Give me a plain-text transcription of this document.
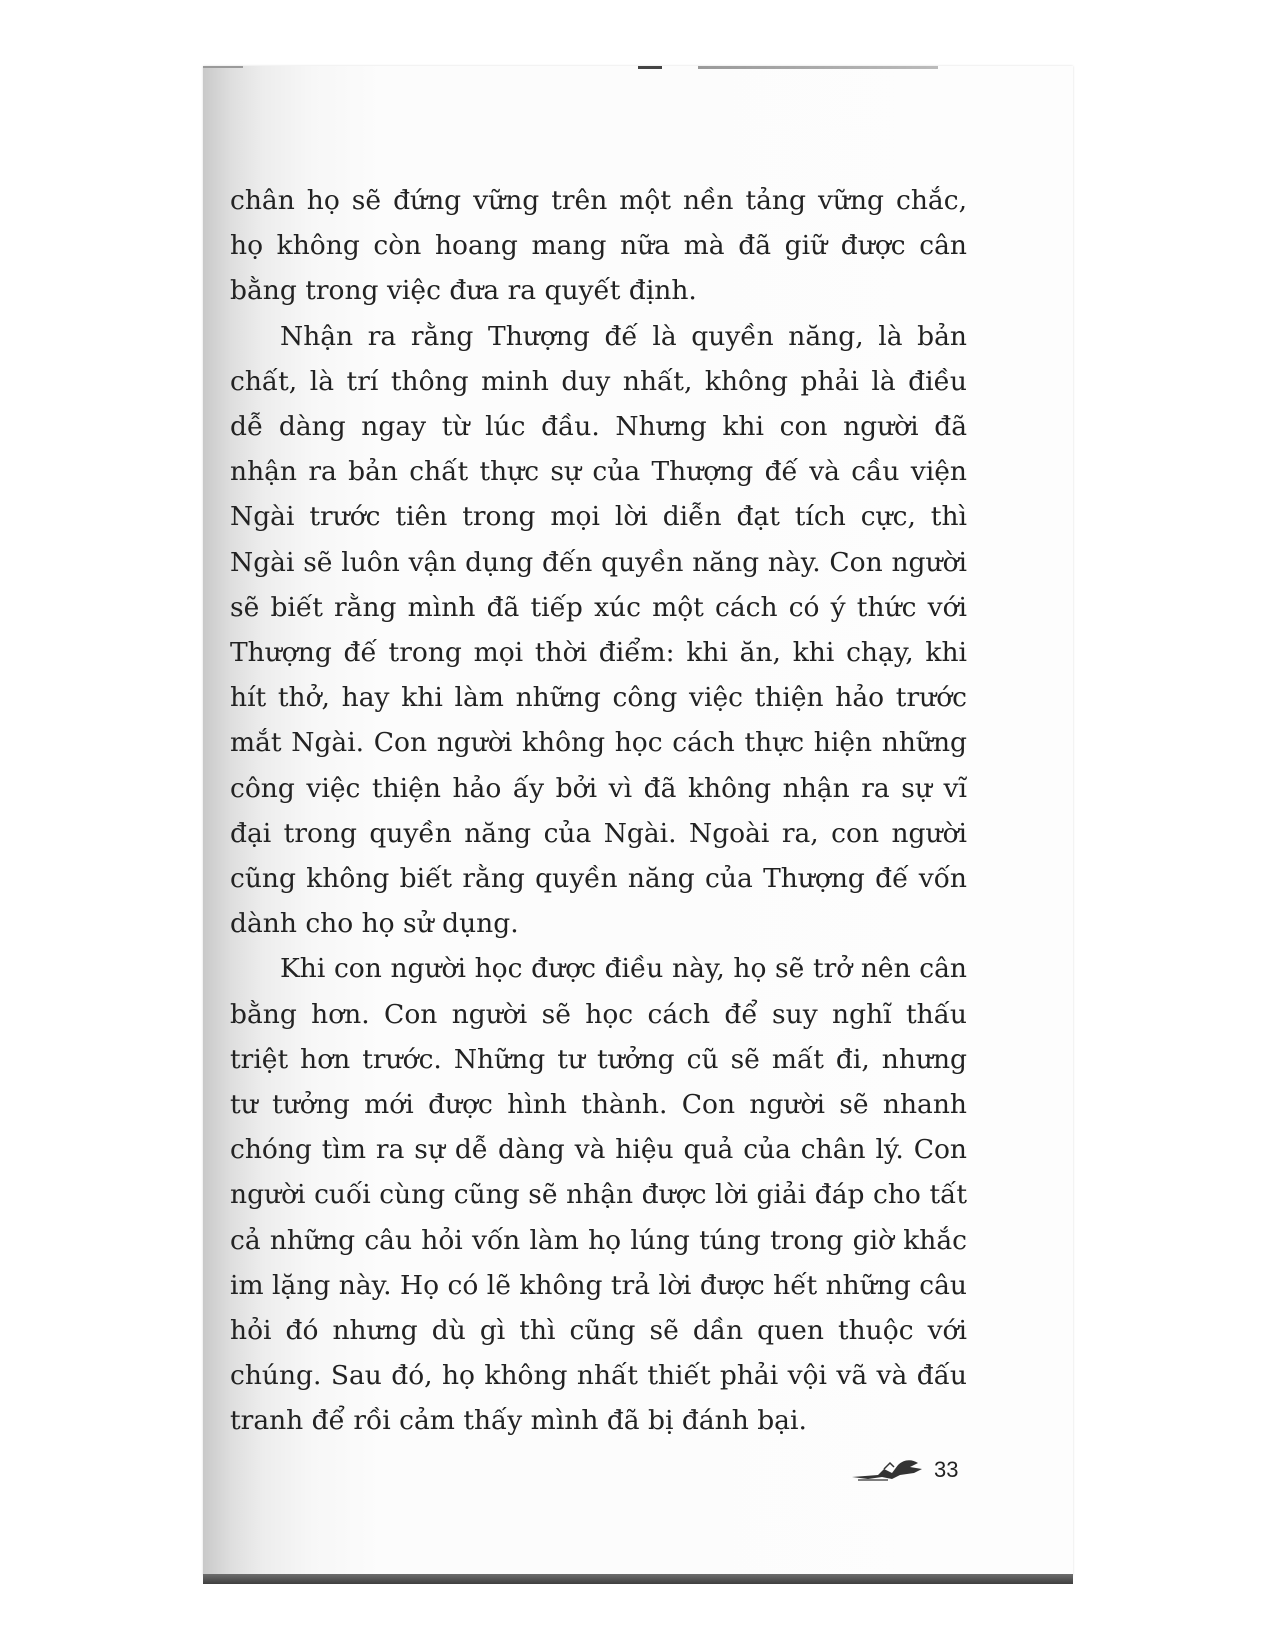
chân họ sẽ đứng vững trên một nền tảng vững chắc, họ không còn hoang mang nữa mà đã giữ được cân bằng trong việc đưa ra quyết định.

Nhận ra rằng Thượng đế là quyền năng, là bản chất, là trí thông minh duy nhất, không phải là điều dễ dàng ngay từ lúc đầu. Nhưng khi con người đã nhận ra bản chất thực sự của Thượng đế và cầu viện Ngài trước tiên trong mọi lời diễn đạt tích cực, thì Ngài sẽ luôn vận dụng đến quyền năng này. Con người sẽ biết rằng mình đã tiếp xúc một cách có ý thức với Thượng đế trong mọi thời điểm: khi ăn, khi chạy, khi hít thở, hay khi làm những công việc thiện hảo trước mắt Ngài. Con người không học cách thực hiện những công việc thiện hảo ấy bởi vì đã không nhận ra sự vĩ đại trong quyền năng của Ngài. Ngoài ra, con người cũng không biết rằng quyền năng của Thượng đế vốn dành cho họ sử dụng.

Khi con người học được điều này, họ sẽ trở nên cân bằng hơn. Con người sẽ học cách để suy nghĩ thấu triệt hơn trước. Những tư tưởng cũ sẽ mất đi, nhưng tư tưởng mới được hình thành. Con người sẽ nhanh chóng tìm ra sự dễ dàng và hiệu quả của chân lý. Con người cuối cùng cũng sẽ nhận được lời giải đáp cho tất cả những câu hỏi vốn làm họ lúng túng trong giờ khắc im lặng này. Họ có lẽ không trả lời được hết những câu hỏi đó nhưng dù gì thì cũng sẽ dần quen thuộc với chúng. Sau đó, họ không nhất thiết phải vội vã và đấu tranh để rồi cảm thấy mình đã bị đánh bại.

33
